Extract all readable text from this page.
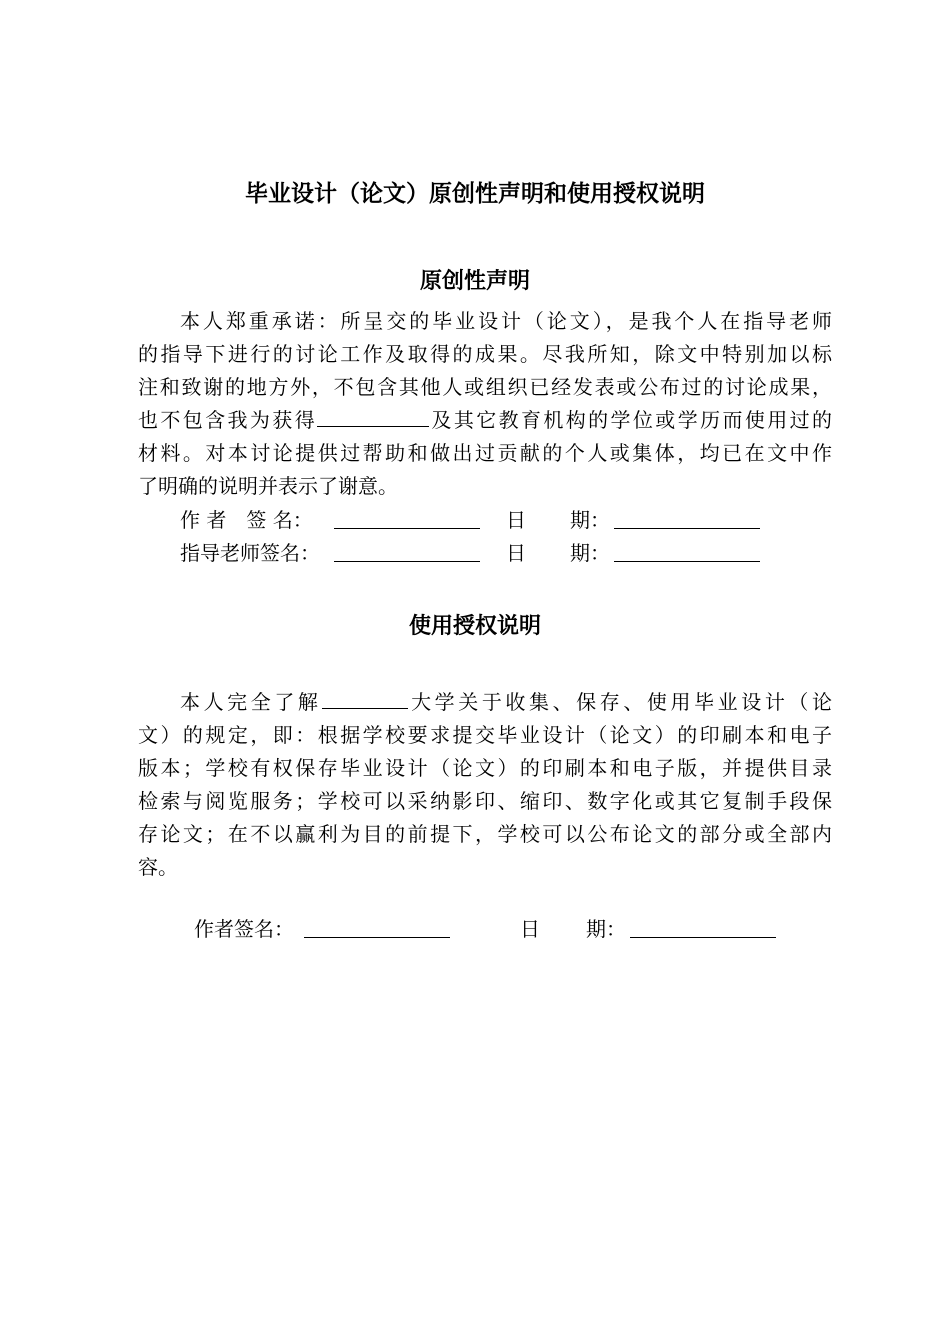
毕业设计（论文）原创性声明和使用授权说明
原创性声明
本人郑重承诺：所呈交的毕业设计（论文），是我个人在指导老师
的指导下进行的讨论工作及取得的成果。尽我所知，除文中特别加以标
注和致谢的地方外，不包含其他人或组织已经发表或公布过的讨论成果，
也不包含我为获得	及其它教育机构的学位或学历而使用过的
材料。对本讨论提供过帮助和做出过贡献的个人或集体，均已在文中作
了明确的说明并表示了谢意。
作 者　签 名：	日 期：
指导老师签名：	日 期：
使用授权说明
本人完全了解	大学关于收集、保存、使用毕业设计（论
文）的规定，即：根据学校要求提交毕业设计（论文）的印刷本和电子
版本；学校有权保存毕业设计（论文）的印刷本和电子版，并提供目录
检索与阅览服务；学校可以采纳影印、缩印、数字化或其它复制手段保
存论文；在不以赢利为目的前提下，学校可以公布论文的部分或全部内
容。
作者签名：	日 期：
